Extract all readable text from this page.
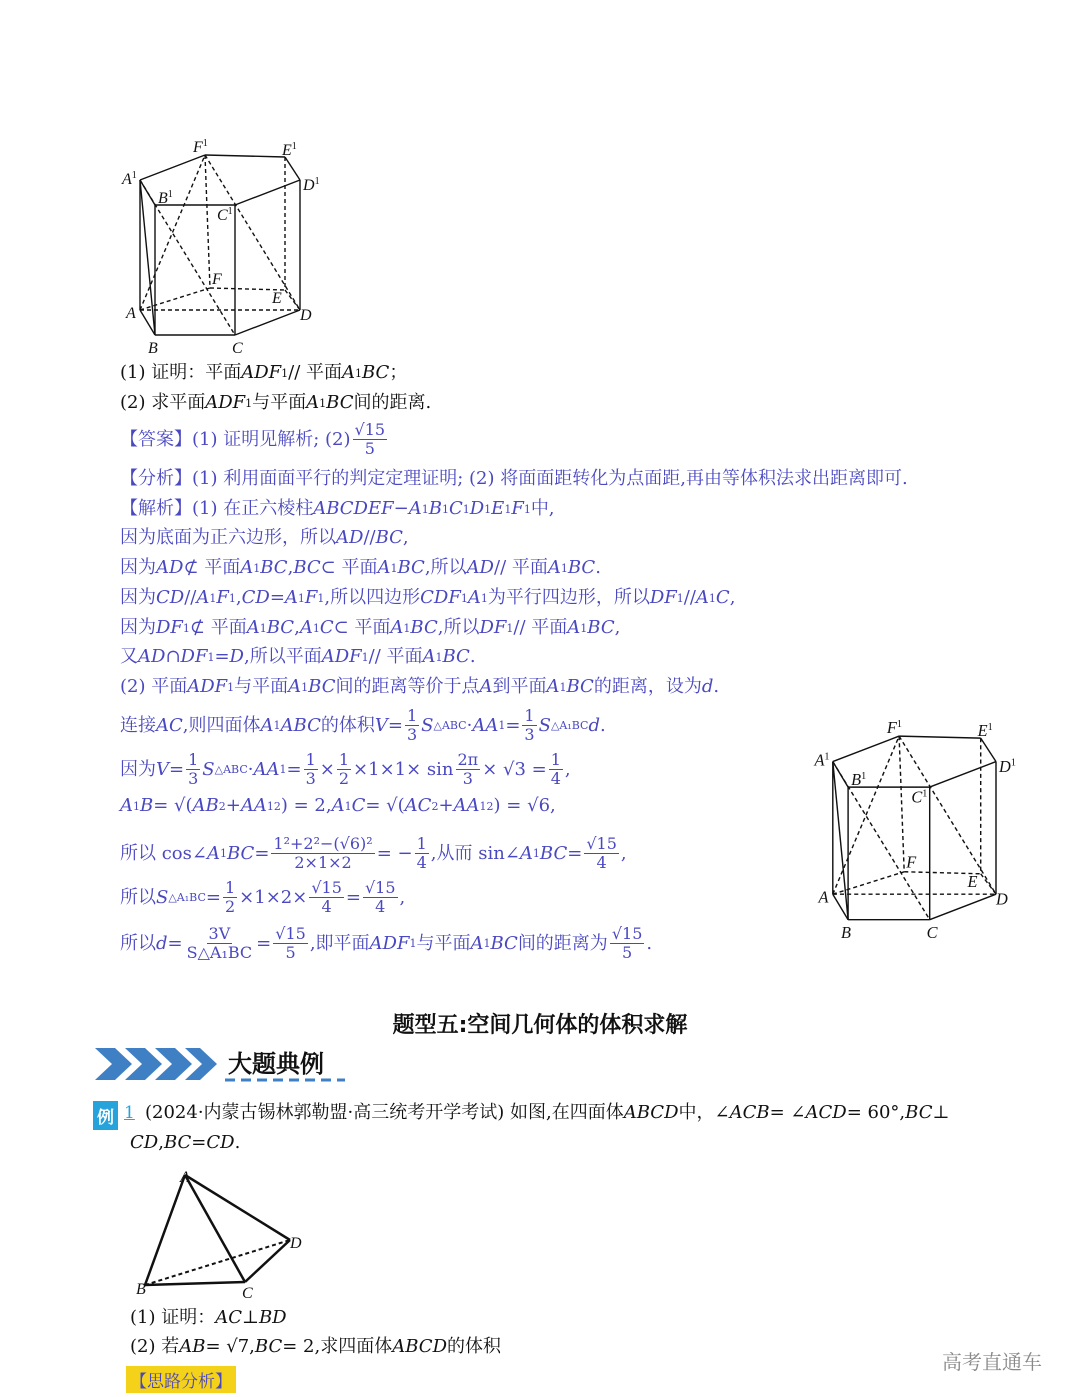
$A^1$
$B^1$
$C^1$
$D^1$
$E^1$
$F^1$
A
B	C
D
E
F
$A^1$
$B^1$
$C^1$
$D^1$
$E^1$
$F^1$
A
B	C
D
E
F
A
B	C
D
(1) 证明：平面 ADF 1 // 平面 A 1 BC ；
(2) 求平面 ADF 1 与平面 A 1 BC 间的距离.
【答案】(1) 证明见解析; $(2) \frac{√15}{5}$
【分析】(1) 利用面面平行的判定定理证明; (2) 将面面距转化为点面距,再由等体积法求出距离即可.
【解析】(1) 在正六棱柱 ABCDEF − A 1 B 1 C 1 D 1 E 1 F 1 中,
因为底面为正六边形，所以 AD // BC ,
因为 AD ⊄ 平面 A 1 BC , BC ⊂ 平面 A 1 BC ,所以 AD // 平面 A 1 BC .
因为 CD // A 1 F 1 , CD = A 1 F 1 ,所以四边形 CDF 1 A 1 为平行四边形，所以 DF 1 // A 1 C ,
因为 DF 1 ⊄ 平面 A 1 BC , A 1 C ⊂ 平面 A 1 BC ,所以 DF 1 // 平面 A 1 BC ,
又 AD ∩ DF 1 = D ,所以平面 ADF 1 // 平面 A 1 BC .
(2) 平面 ADF 1 与平面 A 1 BC 间的距离等价于点 A 到平面 A 1 BC 的距离，设为 d .
连接 AC ,则四面体 A 1 ABC 的体积 $V = \frac{1}{3}$ S △ABC · AA $1 = \frac{1}{3}$ S △A₁BC d .
因为 $V = \frac{1}{3}$ S △ABC · AA $1 = \frac{1}{3} \times \frac{1}{2} \times 1\times 1\times \sin \frac{2\pi}{3} \times √3 = \frac{1}{4}$ ,
A 1 B = √( AB 2 + AA 1 2 ) = 2, A 1 C = √( AC 2 + AA 1 2 ) = √6,
所以 cos∠ A 1 BC = $\frac{\text{1²+2²−(√6)²}}{2\times 1\times 2}$ = − $\frac{1}{4}$ ,从而 sin∠ A 1 BC = $\frac{√15}{4}$ ,
所以 S △A₁BC = $\frac{1}{2} \times 1\times 2\times \frac{√15}{4} = \frac{√15}{4}$ ,
所以 $d = \frac{3V}{\text{S△A₁BC}} = \frac{√15}{5}$ ,即平面 ADF 1 与平面 A 1 BC 间的距离为 $\frac{√15}{5}$ .
题型五:空间几何体的体积求解
大题典例
例 1 (2024·内蒙古锡林郭勒盟·高三统考开学考试) 如图,在四面体 ABCD 中，∠ ACB = ∠ ACD = 60°, BC ⊥
CD , BC = CD .
(1) 证明： AC ⊥ BD
(2) 若 AB = √7, BC = 2,求四面体 ABCD 的体积
【思路分析】
高考直通车
